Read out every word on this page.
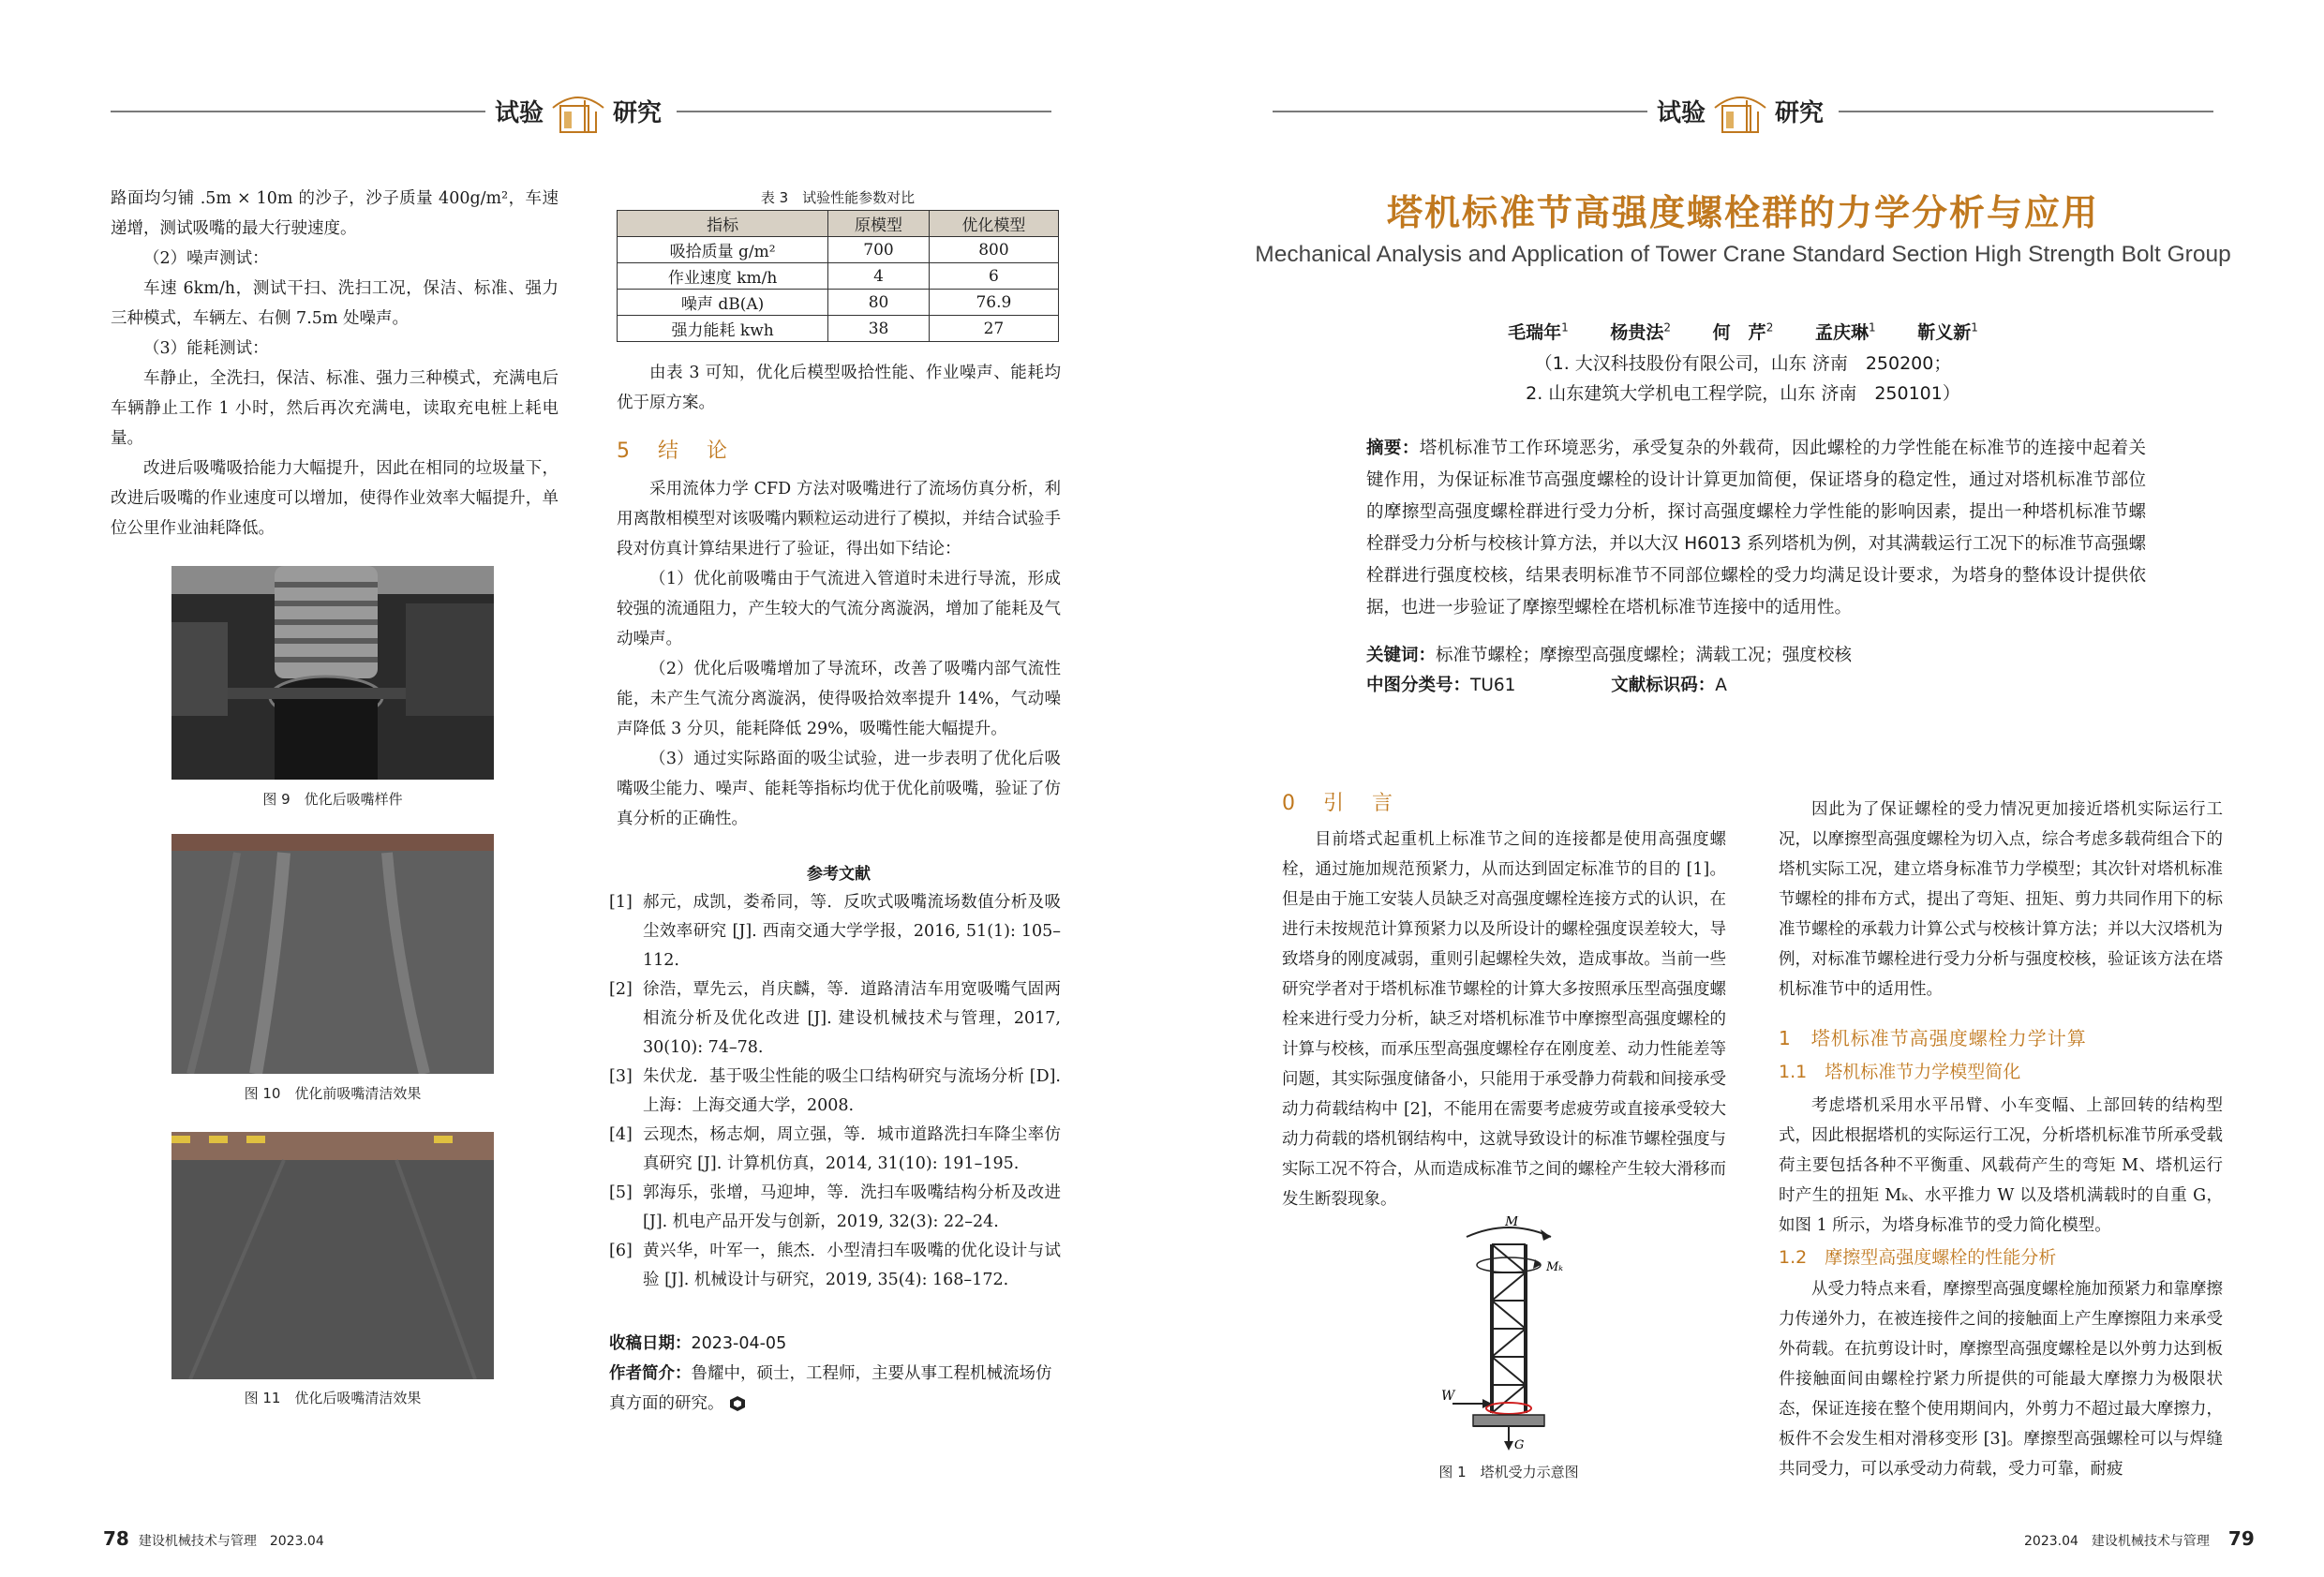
试验	研究

路面均匀铺 .5m × 10m 的沙子，沙子质量 400g/m²，车速递增，测试吸嘴的最大行驶速度。

（2）噪声测试：

车速 6km/h，测试干扫、洗扫工况，保洁、标准、强力三种模式，车辆左、右侧 7.5m 处噪声。

（3）能耗测试：

车静止，全洗扫，保洁、标准、强力三种模式，充满电后车辆静止工作 1 小时，然后再次充满电，读取充电桩上耗电量。

改进后吸嘴吸拾能力大幅提升，因此在相同的垃圾量下，改进后吸嘴的作业速度可以增加，使得作业效率大幅提升，单位公里作业油耗降低。

图 9　优化后吸嘴样件
图 10　优化前吸嘴清洁效果
图 11　优化后吸嘴清洁效果
表 3　试验性能参数对比
指标	原模型	优化模型
吸拾质量 g/m²	700	800
作业速度 km/h	4	6
噪声 dB(A)	80	76.9
强力能耗 kwh	38	27

由表 3 可知，优化后模型吸拾性能、作业噪声、能耗均优于原方案。

5　结　论

采用流体力学 CFD 方法对吸嘴进行了流场仿真分析，利用离散相模型对该吸嘴内颗粒运动进行了模拟，并结合试验手段对仿真计算结果进行了验证，得出如下结论：

（1）优化前吸嘴由于气流进入管道时未进行导流，形成较强的流通阻力，产生较大的气流分离漩涡，增加了能耗及气动噪声。

（2）优化后吸嘴增加了导流环，改善了吸嘴内部气流性能，未产生气流分离漩涡，使得吸拾效率提升 14%，气动噪声降低 3 分贝，能耗降低 29%，吸嘴性能大幅提升。

（3）通过实际路面的吸尘试验，进一步表明了优化后吸嘴吸尘能力、噪声、能耗等指标均优于优化前吸嘴，验证了仿真分析的正确性。

参考文献
[1] 郝元，成凯，娄希同，等．反吹式吸嘴流场数值分析及吸尘效率研究 [J]. 西南交通大学学报，2016, 51(1): 105–112.
[2] 徐浩，覃先云，肖庆麟，等．道路清洁车用宽吸嘴气固两相流分析及优化改进 [J]. 建设机械技术与管理，2017, 30(10): 74–78.
[3] 朱伏龙．基于吸尘性能的吸尘口结构研究与流场分析 [D]. 上海：上海交通大学，2008.
[4] 云现杰，杨志炯，周立强，等．城市道路洗扫车降尘率仿真研究 [J]. 计算机仿真，2014, 31(10): 191–195.
[5] 郭海乐，张增，马迎坤，等．洗扫车吸嘴结构分析及改进 [J]. 机电产品开发与创新，2019, 32(3): 22–24.
[6] 黄兴华，叶军一，熊杰．小型清扫车吸嘴的优化设计与试验 [J]. 机械设计与研究，2019, 35(4): 168–172.
收稿日期：2023-04-05
作者简介：鲁耀中，硕士，工程师，主要从事工程机械流场仿真方面的研究。
78 建设机械技术与管理 2023.04
试验	研究
塔机标准节高强度螺栓群的力学分析与应用
Mechanical Analysis and Application of Tower Crane Standard Section High Strength Bolt Group
毛瑞年$^1$　　 杨贵法$^2$　　 何　芹$^2$　　 孟庆琳$^1$　　 靳义新$^1$
（1. 大汉科技股份有限公司，山东 济南　250200；
2. 山东建筑大学机电工程学院，山东 济南　250101）
摘要：塔机标准节工作环境恶劣，承受复杂的外载荷，因此螺栓的力学性能在标准节的连接中起着关键作用，为保证标准节高强度螺栓的设计计算更加简便，保证塔身的稳定性，通过对塔机标准节部位的摩擦型高强度螺栓群进行受力分析，探讨高强度螺栓力学性能的影响因素，提出一种塔机标准节螺栓群受力分析与校核计算方法，并以大汉 H6013 系列塔机为例，对其满载运行工况下的标准节高强螺栓群进行强度校核，结果表明标准节不同部位螺栓的受力均满足设计要求，为塔身的整体设计提供依据，也进一步验证了摩擦型螺栓在塔机标准节连接中的适用性。
关键词：标准节螺栓；摩擦型高强度螺栓；满载工况；强度校核
中图分类号：TU61	文献标识码：A
0　引　言

目前塔式起重机上标准节之间的连接都是使用高强度螺栓，通过施加规范预紧力，从而达到固定标准节的目的 [1]。但是由于施工安装人员缺乏对高强度螺栓连接方式的认识，在进行未按规范计算预紧力以及所设计的螺栓强度误差较大，导致塔身的刚度减弱，重则引起螺栓失效，造成事故。当前一些研究学者对于塔机标准节螺栓的计算大多按照承压型高强度螺栓来进行受力分析，缺乏对塔机标准节中摩擦型高强度螺栓的计算与校核，而承压型高强度螺栓存在刚度差、动力性能差等问题，其实际强度储备小，只能用于承受静力荷载和间接承受动力荷载结构中 [2]，不能用在需要考虑疲劳或直接承受较大动力荷载的塔机钢结构中，这就导致设计的标准节螺栓强度与实际工况不符合，从而造成标准节之间的螺栓产生较大滑移而发生断裂现象。

M
Mₖ
W
G
图 1　塔机受力示意图

因此为了保证螺栓的受力情况更加接近塔机实际运行工况，以摩擦型高强度螺栓为切入点，综合考虑多载荷组合下的塔机实际工况，建立塔身标准节力学模型；其次针对塔机标准节螺栓的排布方式，提出了弯矩、扭矩、剪力共同作用下的标准节螺栓的承载力计算公式与校核计算方法；并以大汉塔机为例，对标准节螺栓进行受力分析与强度校核，验证该方法在塔机标准节中的适用性。

1　塔机标准节高强度螺栓力学计算
1.1　塔机标准节力学模型简化

考虑塔机采用水平吊臂、小车变幅、上部回转的结构型式，因此根据塔机的实际运行工况，分析塔机标准节所承受载荷主要包括各种不平衡重、风载荷产生的弯矩 M、塔机运行时产生的扭矩 Mₖ、水平推力 W 以及塔机满载时的自重 G，如图 1 所示，为塔身标准节的受力简化模型。

1.2　摩擦型高强度螺栓的性能分析

从受力特点来看，摩擦型高强度螺栓施加预紧力和靠摩擦力传递外力，在被连接件之间的接触面上产生摩擦阻力来承受外荷载。在抗剪设计时，摩擦型高强度螺栓是以外剪力达到板件接触面间由螺栓拧紧力所提供的可能最大摩擦力为极限状态，保证连接在整个使用期间内，外剪力不超过最大摩擦力，板件不会发生相对滑移变形 [3]。摩擦型高强螺栓可以与焊缝共同受力，可以承受动力荷载，受力可靠，耐疲

2023.04 建设机械技术与管理 79
